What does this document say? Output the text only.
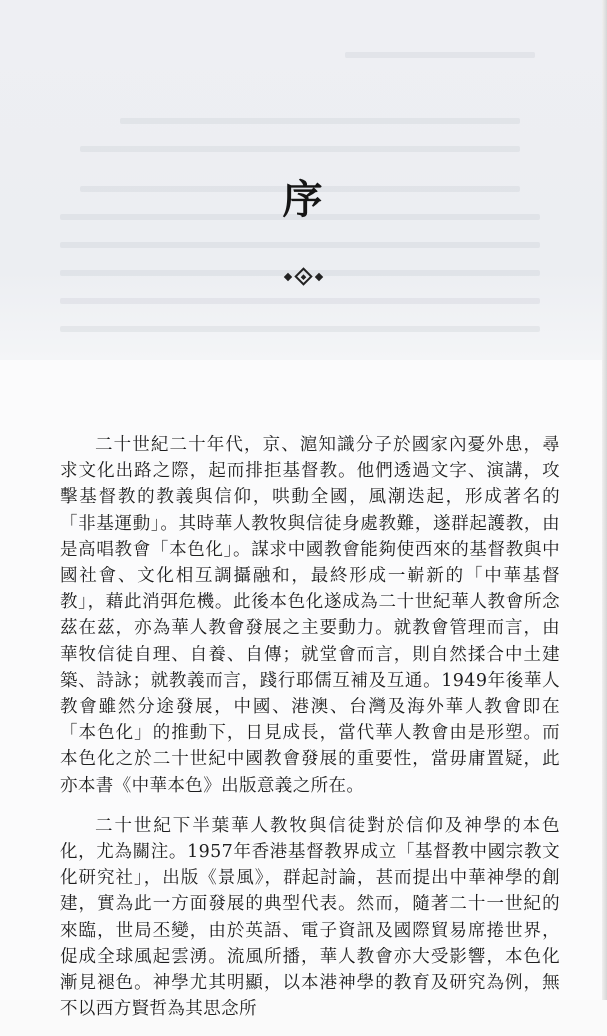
序

二十世紀二十年代，京、滬知識分子於國家內憂外患，尋求文化出路之際，起而排拒基督教。他們透過文字、演講，攻擊基督教的教義與信仰，哄動全國，風潮迭起，形成著名的「非基運動」。其時華人教牧與信徒身處教難，遂群起護教，由是高唱教會「本色化」。謀求中國教會能夠使西來的基督教與中國社會、文化相互調攝融和，最終形成一嶄新的「中華基督教」，藉此消弭危機。此後本色化遂成為二十世紀華人教會所念茲在茲，亦為華人教會發展之主要動力。就教會管理而言，由華牧信徒自理、自養、自傳；就堂會而言，則自然揉合中土建築、詩詠；就教義而言，踐行耶儒互補及互通。1949年後華人教會雖然分途發展，中國、港澳、台灣及海外華人教會即在「本色化」的推動下，日見成長，當代華人教會由是形塑。而本色化之於二十世紀中國教會發展的重要性，當毋庸置疑，此亦本書《中華本色》出版意義之所在。

二十世紀下半葉華人教牧與信徒對於信仰及神學的本色化，尤為關注。1957年香港基督教界成立「基督教中國宗教文化研究社」，出版《景風》，群起討論，甚而提出中華神學的創建，實為此一方面發展的典型代表。然而，隨著二十一世紀的來臨，世局丕變，由於英語、電子資訊及國際貿易席捲世界，促成全球風起雲湧。流風所播，華人教會亦大受影響，本色化漸見褪色。神學尤其明顯，以本港神學的教育及研究為例，無不以西方賢哲為其思念所
